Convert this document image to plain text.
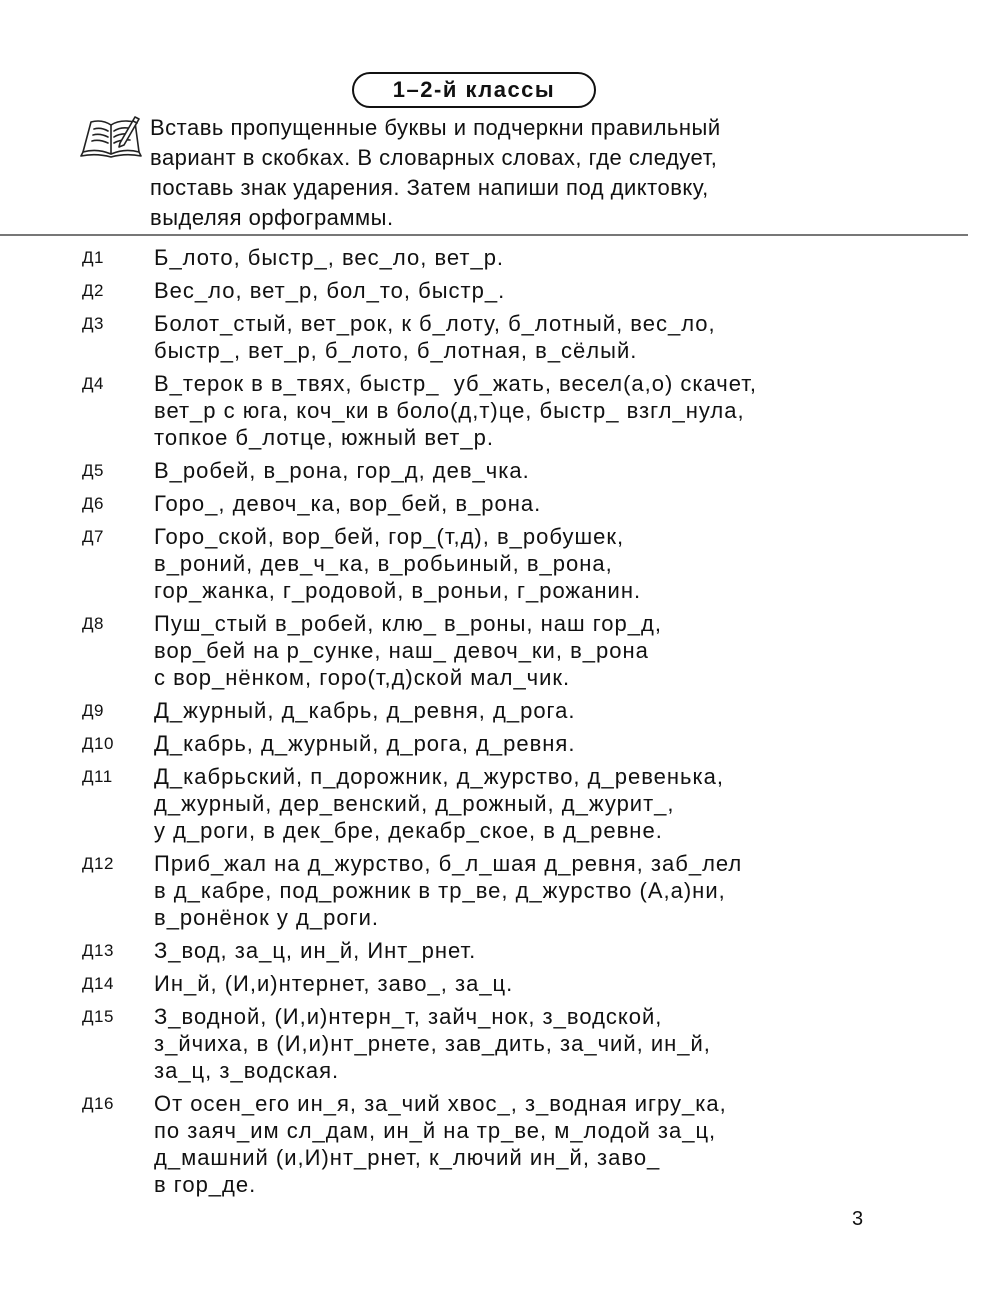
1–2-й классы
Вставь пропущенные буквы и подчеркни правильный
вариант в скобках. В словарных словах, где следует,
поставь знак ударения. Затем напиши под диктовку,
выделяя орфограммы.
Д1	Б_лото, быстр_, вес_ло, вет_р.
Д2	Вес_ло, вет_р, бол_то, быстр_.
Д3	Болот_стый, вет_рок, к б_лоту, б_лотный, вес_ло,
быстр_, вет_р, б_лото, б_лотная, в_сёлый.
Д4	В_терок в в_твях, быстр_  уб_жать, весел(а,о) скачет,
вет_р с юга, коч_ки в боло(д,т)це, быстр_ взгл_нула,
топкое б_лотце, южный вет_р.
Д5	В_робей, в_рона, гор_д, дев_чка.
Д6	Горо_, девоч_ка, вор_бей, в_рона.
Д7	Горо_ской, вор_бей, гор_(т,д), в_робушек,
в_роний, дев_ч_ка, в_робьиный, в_рона,
гор_жанка, г_родовой, в_роньи, г_рожанин.
Д8	Пуш_стый в_робей, клю_ в_роны, наш гор_д,
вор_бей на р_сунке, наш_ девоч_ки, в_рона
с вор_нёнком, горо(т,д)ской мал_чик.
Д9	Д_журный, д_кабрь, д_ревня, д_рога.
Д10	Д_кабрь, д_журный, д_рога, д_ревня.
Д11	Д_кабрьский, п_дорожник, д_журство, д_ревенька,
д_журный, дер_венский, д_рожный, д_журит_,
у д_роги, в дек_бре, декабр_ское, в д_ревне.
Д12	Приб_жал на д_журство, б_л_шая д_ревня, заб_лел
в д_кабре, под_рожник в тр_ве, д_журство (А,а)ни,
в_ронёнок у д_роги.
Д13	З_вод, за_ц, ин_й, Инт_рнет.
Д14	Ин_й, (И,и)нтернет, заво_, за_ц.
Д15	З_водной, (И,и)нтерн_т, зайч_нок, з_водской,
з_йчиха, в (И,и)нт_рнете, зав_дить, за_чий, ин_й,
за_ц, з_водская.
Д16	От осен_его ин_я, за_чий хвос_, з_водная игру_ка,
по заяч_им сл_дам, ин_й на тр_ве, м_лодой за_ц,
д_машний (и,И)нт_рнет, к_лючий ин_й, заво_
в гор_де.
3
